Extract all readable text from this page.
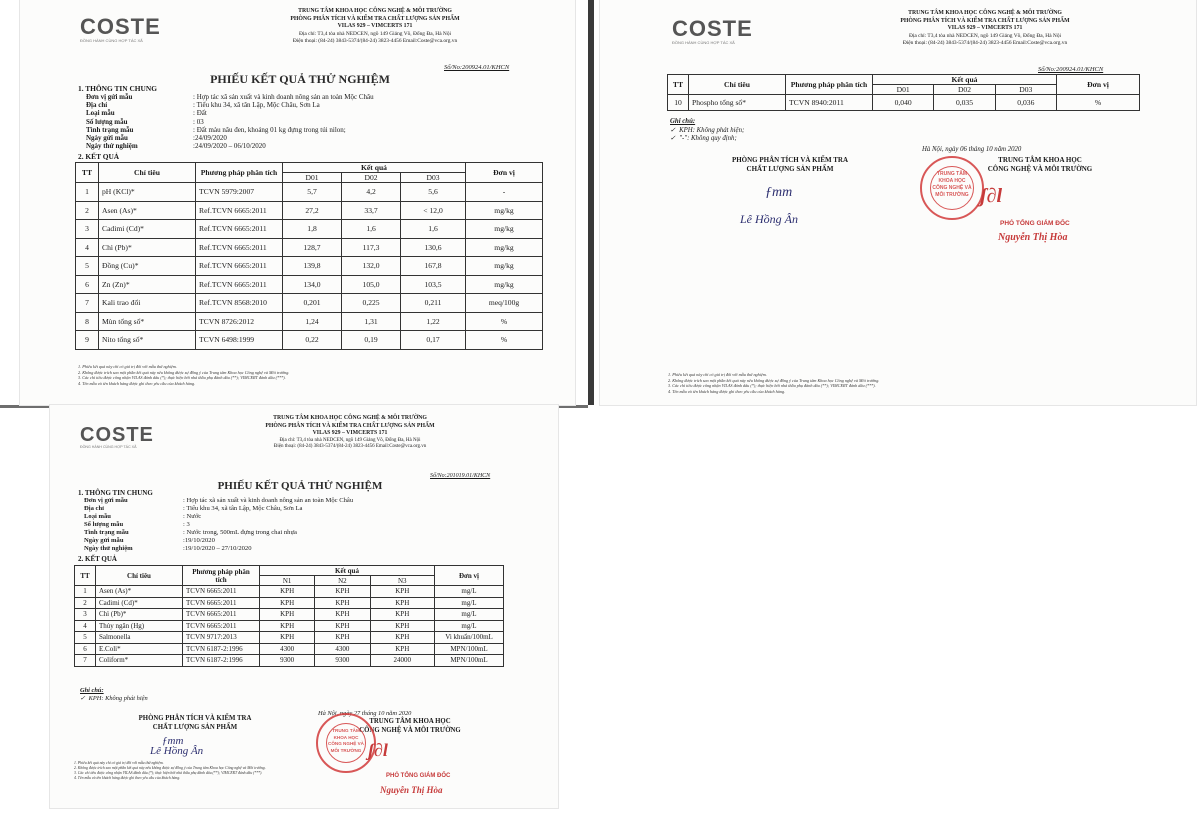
COSTE
ĐỒNG HÀNH CÙNG HỢP TÁC XÃ
TRUNG TÂM KHOA HỌC CÔNG NGHỆ & MÔI TRƯỜNG
PHÒNG PHÂN TÍCH VÀ KIỂM TRA CHẤT LƯỢNG SẢN PHẨM
VILAS 929 – VIMCERTS 171
Địa chỉ: T3,4 tòa nhà NEDCEN, ngõ 149 Giảng Võ, Đống Đa, Hà Nội
Điện thoại: (84-24) 3843-5374/(84-24) 3823-4456 Email:Coste@vca.org.vn
Số/No:200924.01/KHCN
PHIẾU KẾT QUẢ THỬ NGHIỆM
1. THÔNG TIN CHUNG
Đơn vị gửi mẫu	: Hợp tác xã sản xuất và kinh doanh nông sản an toàn Mộc Châu
Địa chỉ	: Tiểu khu 34, xã tân Lập, Mộc Châu, Sơn La
Loại mẫu	: Đất
Số lượng mẫu	: 03
Tình trạng mẫu	: Đất màu nâu đen, khoảng 01 kg đựng trong túi nilon;
Ngày gửi mẫu	:24/09/2020
Ngày thử nghiệm	:24/09/2020 – 06/10/2020
2. KẾT QUẢ
TT	Chỉ tiêu	Phương pháp phân tích	Kết quả			Đơn vị
			D01	D02	D03	
1	pH (KCl)*	TCVN 5979:2007	5,7	4,2	5,6	-
2	Asen (As)*	Ref.TCVN 6665:2011	27,2	33,7	< 12,0	mg/kg
3	Cadimi (Cd)*	Ref.TCVN 6665:2011	1,8	1,6	1,6	mg/kg
4	Chì (Pb)*	Ref.TCVN 6665:2011	128,7	117,3	130,6	mg/kg
5	Đồng (Cu)*	Ref.TCVN 6665:2011	139,8	132,0	167,8	mg/kg
6	Zn (Zn)*	Ref.TCVN 6665:2011	134,0	105,0	103,5	mg/kg
7	Kali trao đổi	Ref.TCVN 8568:2010	0,201	0,225	0,211	meq/100g
8	Mùn tổng số*	TCVN 8726:2012	1,24	1,31	1,22	%
9	Nito tổng số*	TCVN 6498:1999	0,22	0,19	0,17	%
1. Phiếu kết quả này chỉ có giá trị đối với mẫu thử nghiệm.
2. Không được trích sao một phần kết quả này nếu không được sự đồng ý của Trung tâm Khoa học Công nghệ và Môi trường.
3. Các chỉ tiêu được công nhận VILAS đánh dấu (*); thực hiện bởi nhà thầu phụ đánh dấu (**); VIMCERT đánh dấu (***).
4. Tên mẫu và tên khách hàng được ghi theo yêu cầu của khách hàng.
COSTE
ĐỒNG HÀNH CÙNG HỢP TÁC XÃ
TRUNG TÂM KHOA HỌC CÔNG NGHỆ & MÔI TRƯỜNG
PHÒNG PHÂN TÍCH VÀ KIỂM TRA CHẤT LƯỢNG SẢN PHẨM
VILAS 929 – VIMCERTS 171
Địa chỉ: T3,4 tòa nhà NEDCEN, ngõ 149 Giảng Võ, Đống Đa, Hà Nội
Điện thoại: (84-24) 3843-5374/(84-24) 3823-4456 Email:Coste@vca.org.vn
Số/No:200924.01/KHCN
TT	Chỉ tiêu	Phương pháp phân tích	Kết quả			Đơn vị
			D01	D02	D03	
10	Phospho tổng số*	TCVN 8940:2011	0,040	0,035	0,036	%
Ghi chú:
✓  KPH: Không phát hiện;
✓  "-": Không quy định;
Hà Nội, ngày 06 tháng 10 năm 2020
PHÒNG PHÂN TÍCH VÀ KIỂM TRA
CHẤT LƯỢNG SẢN PHẨM
TRUNG TÂM KHOA HỌC
CÔNG NGHỆ VÀ MÔI TRƯỜNG
ƒmm
Lê Hồng Ân
TRUNG TÂM
KHOA HỌC
CÔNG NGHỆ VÀ
MÔI TRƯỜNG ʃ∂l
PHÓ TỔNG GIÁM ĐỐC
Nguyễn Thị Hòa
1. Phiếu kết quả này chỉ có giá trị đối với mẫu thử nghiệm.
2. Không được trích sao một phần kết quả này nếu không được sự đồng ý của Trung tâm Khoa học Công nghệ và Môi trường.
3. Các chỉ tiêu được công nhận VILAS đánh dấu (*); thực hiện bởi nhà thầu phụ đánh dấu (**); VIMCERT đánh dấu (***).
4. Tên mẫu và tên khách hàng được ghi theo yêu cầu của khách hàng.
COSTE
ĐỒNG HÀNH CÙNG HỢP TÁC XÃ
TRUNG TÂM KHOA HỌC CÔNG NGHỆ & MÔI TRƯỜNG
PHÒNG PHÂN TÍCH VÀ KIỂM TRA CHẤT LƯỢNG SẢN PHẨM
VILAS 929 – VIMCERTS 171
Địa chỉ: T3,4 tòa nhà NEDCEN, ngõ 149 Giảng Võ, Đống Đa, Hà Nội
Điện thoại: (84-24) 3843-5374/(84-24) 3823-4456 Email:Coste@vca.org.vn
Số/No:201019.01/KHCN
PHIẾU KẾT QUẢ THỬ NGHIỆM
1. THÔNG TIN CHUNG
Đơn vị gửi mẫu	: Hợp tác xã sản xuất và kinh doanh nông sản an toàn Mộc Châu
Địa chỉ	: Tiểu khu 34, xã tân Lập, Mộc Châu, Sơn La
Loại mẫu	: Nước
Số lượng mẫu	: 3
Tình trạng mẫu	: Nước trong, 500mL đựng trong chai nhựa
Ngày gửi mẫu	:19/10/2020
Ngày thử nghiệm	:19/10/2020 – 27/10/2020
2. KẾT QUẢ
TT	Chỉ tiêu	Phương pháp phân tích	Kết quả			Đơn vị
			N1	N2	N3	
1	Asen (As)*	TCVN 6665:2011	KPH	KPH	KPH	mg/L
2	Cadimi (Cd)*	TCVN 6665:2011	KPH	KPH	KPH	mg/L
3	Chì (Pb)*	TCVN 6665:2011	KPH	KPH	KPH	mg/L
4	Thủy ngân (Hg)	TCVN 6665:2011	KPH	KPH	KPH	mg/L
5	Salmonella	TCVN 9717:2013	KPH	KPH	KPH	Vi khuẩn/100mL
6	E.Coli*	TCVN 6187-2:1996	4300	4300	KPH	MPN/100mL
7	Coliform*	TCVN 6187-2:1996	9300	9300	24000	MPN/100mL
Ghi chú:
✓  KPH: Không phát hiện
Hà Nội, ngày 27 tháng 10 năm 2020
PHÒNG PHÂN TÍCH VÀ KIỂM TRA
CHẤT LƯỢNG SẢN PHẨM
TRUNG TÂM KHOA HỌC
CÔNG NGHỆ VÀ MÔI TRƯỜNG
ƒmm
Lê Hồng Ân
TRUNG TÂM
KHOA HỌC
CÔNG NGHỆ VÀ
MÔI TRƯỜNG ʃ∂l
PHÓ TỔNG GIÁM ĐỐC
Nguyễn Thị Hòa
1. Phiếu kết quả này chỉ có giá trị đối với mẫu thử nghiệm.
2. Không được trích sao một phần kết quả này nếu không được sự đồng ý của Trung tâm Khoa học Công nghệ và Môi trường.
3. Các chỉ tiêu được công nhận VILAS đánh dấu (*); thực hiện bởi nhà thầu phụ đánh dấu (**); VIMCERT đánh dấu (***).
4. Tên mẫu và tên khách hàng được ghi theo yêu cầu của khách hàng.
